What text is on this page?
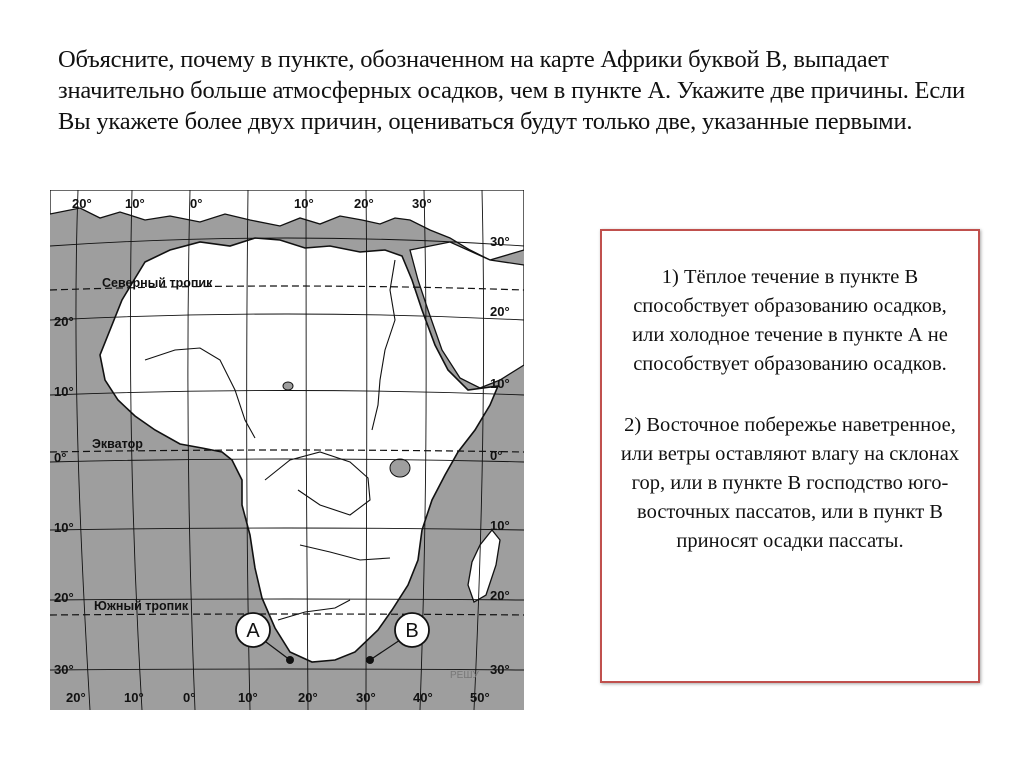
Объясните, почему в пункте, обозначенном на карте Африки буквой В, выпадает значительно больше атмосферных осадков, чем в пункте А. Укажите две причины. Если Вы укажете более двух причин, оцениваться будут только две, указанные первыми.
20°	10°	0°	10°	20°	30°
20°	10°	0°	10°	20°	30°	40°	50°
20°
10°
0°
10°
20°
30°
30°
20°
10°
0°
10°
20°
30°
Северный тропик
Экватор
Южный тропик
A	B
РЕШУ

1) Тёплое течение в пункте В способствует образованию осадков, или холодное течение в пункте А не способствует образованию осадков.

2) Восточное побережье наветренное, или ветры оставляют влагу на склонах гор, или в пункте В господство юго-восточных пассатов, или в пункт В приносят осадки пассаты.
